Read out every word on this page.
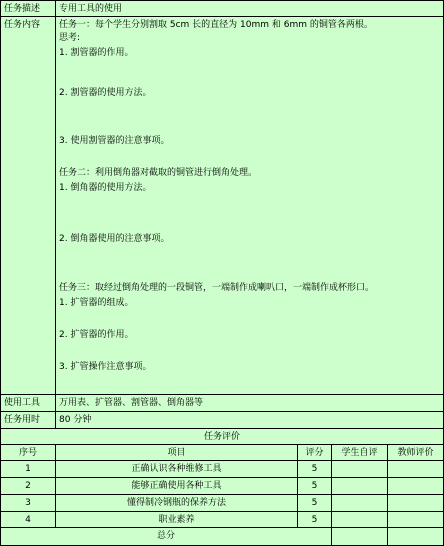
任务描述	专用工具的使用
任务内容	任务一：每个学生分别割取 5cm 长的直径为 10mm 和 6mm 的铜管各两根。
思考:
1. 割管器的作用。
2. 割管器的使用方法。
3. 使用割管器的注意事项。
任务二：利用倒角器对截取的铜管进行倒角处理。
1. 倒角器的使用方法。
2. 倒角器使用的注意事项。
任务三：取经过倒角处理的一段铜管，一端制作成喇叭口，一端制作成杯形口。
1. 扩管器的组成。
2. 扩管器的作用。
3. 扩管操作注意事项。
使用工具	万用表、扩管器、割管器、倒角器等
任务用时	80 分钟
任务评价
序号	项目	评分	学生自评	教师评价
1	正确认识各种维修工具	5
2	能够正确使用各种工具	5
3	懂得制冷钢瓶的保养方法	5
4	职业素养	5
总分
